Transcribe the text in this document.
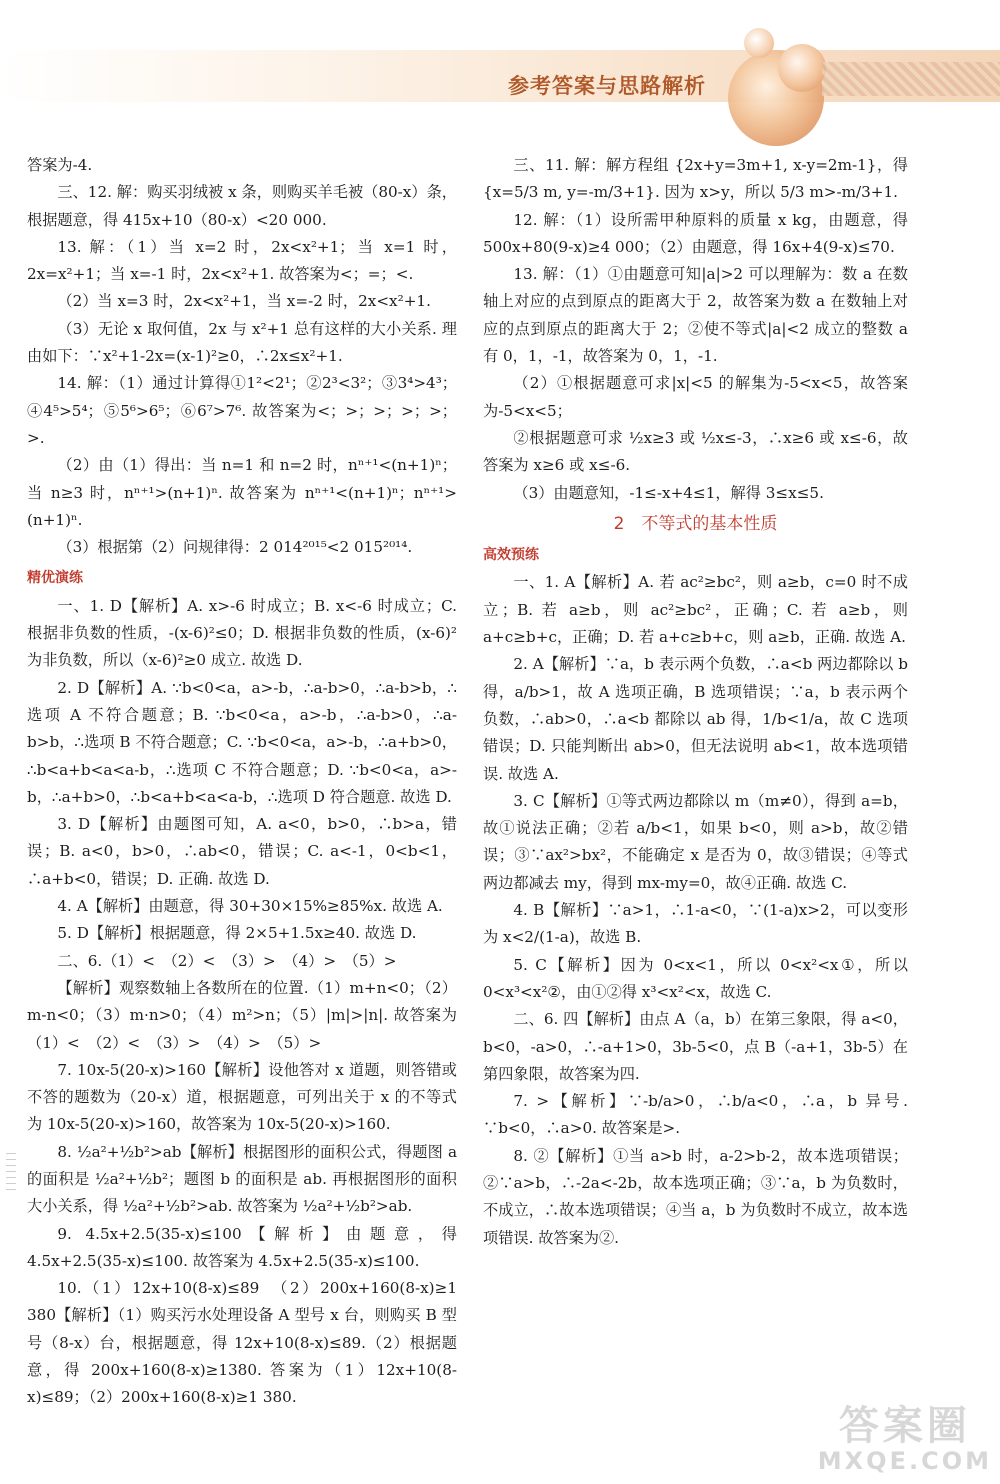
参考答案与思路解析

答案为-4.

三、12. 解：购买羽绒被 x 条，则购买羊毛被（80-x）条，根据题意，得 415x+10（80-x）<20 000.

13. 解：（1）当 x=2 时，2x<x²+1；当 x=1 时，2x=x²+1；当 x=-1 时，2x<x²+1. 故答案为<；=；<.

（2）当 x=3 时，2x<x²+1，当 x=-2 时，2x<x²+1.

（3）无论 x 取何值，2x 与 x²+1 总有这样的大小关系. 理由如下：∵x²+1-2x=(x-1)²≥0，∴2x≤x²+1.

14. 解：（1）通过计算得①1²<2¹；②2³<3²；③3⁴>4³；④4⁵>5⁴；⑤5⁶>6⁵；⑥6⁷>7⁶. 故答案为<；>；>；>；>；>.

（2）由（1）得出：当 n=1 和 n=2 时，nⁿ⁺¹<(n+1)ⁿ；当 n≥3 时，nⁿ⁺¹>(n+1)ⁿ. 故答案为 nⁿ⁺¹<(n+1)ⁿ；nⁿ⁺¹>(n+1)ⁿ.

（3）根据第（2）问规律得：2 014²⁰¹⁵<2 015²⁰¹⁴.

精优演练

一、1. D【解析】A. x>-6 时成立；B. x<-6 时成立；C. 根据非负数的性质，-(x-6)²≤0；D. 根据非负数的性质，(x-6)² 为非负数，所以（x-6)²≥0 成立. 故选 D.

2. D【解析】A. ∵b<0<a，a>-b，∴a-b>0，∴a-b>b，∴选项 A 不符合题意；B. ∵b<0<a，a>-b，∴a-b>0，∴a-b>b，∴选项 B 不符合题意；C. ∵b<0<a，a>-b，∴a+b>0，∴b<a+b<a<a-b，∴选项 C 不符合题意；D. ∵b<0<a，a>-b，∴a+b>0，∴b<a+b<a<a-b，∴选项 D 符合题意. 故选 D.

3. D【解析】由题图可知，A. a<0，b>0，∴b>a，错误；B. a<0，b>0，∴ab<0，错误；C. a<-1，0<b<1，∴a+b<0，错误；D. 正确. 故选 D.

4. A【解析】由题意，得 30+30×15%≥85%x. 故选 A.

5. D【解析】根据题意，得 2×5+1.5x≥40. 故选 D.

二、6.（1）<　（2）<　（3）>　（4）>　（5）>

【解析】观察数轴上各数所在的位置.（1）m+n<0；（2）m-n<0；（3）m·n>0；（4）m²>n；（5）|m|>|n|. 故答案为（1）<　（2）<　（3）>　（4）>　（5）>

7. 10x-5(20-x)>160【解析】设他答对 x 道题，则答错或不答的题数为（20-x）道，根据题意，可列出关于 x 的不等式为 10x-5(20-x)>160，故答案为 10x-5(20-x)>160.

8. ½a²+½b²>ab【解析】根据图形的面积公式，得题图 a 的面积是 ½a²+½b²；题图 b 的面积是 ab. 再根据图形的面积大小关系，得 ½a²+½b²>ab. 故答案为 ½a²+½b²>ab.

9. 4.5x+2.5(35-x)≤100【解析】由题意，得 4.5x+2.5(35-x)≤100. 故答案为 4.5x+2.5(35-x)≤100.

10.（1）12x+10(8-x)≤89　（2）200x+160(8-x)≥1 380【解析】（1）购买污水处理设备 A 型号 x 台，则购买 B 型号（8-x）台，根据题意，得 12x+10(8-x)≤89.（2）根据题意，得 200x+160(8-x)≥1380. 答案为（1）12x+10(8-x)≤89；（2）200x+160(8-x)≥1 380.

三、11. 解：解方程组 {2x+y=3m+1, x-y=2m-1}，得 {x=5/3 m, y=-m/3+1}. 因为 x>y，所以 5/3 m>-m/3+1.

12. 解：（1）设所需甲种原料的质量 x kg，由题意，得 500x+80(9-x)≥4 000；（2）由题意，得 16x+4(9-x)≤70.

13. 解：（1）①由题意可知|a|>2 可以理解为：数 a 在数轴上对应的点到原点的距离大于 2，故答案为数 a 在数轴上对应的点到原点的距离大于 2；②使不等式|a|<2 成立的整数 a 有 0，1，-1，故答案为 0，1，-1.

（2）①根据题意可求|x|<5 的解集为-5<x<5，故答案为-5<x<5；

②根据题意可求 ½x≥3 或 ½x≤-3，∴x≥6 或 x≤-6，故答案为 x≥6 或 x≤-6.

（3）由题意知，-1≤-x+4≤1，解得 3≤x≤5.

2　不等式的基本性质
高效预练

一、1. A【解析】A. 若 ac²≥bc²，则 a≥b，c=0 时不成立；B. 若 a≥b，则 ac²≥bc²，正确；C. 若 a≥b，则 a+c≥b+c，正确；D. 若 a+c≥b+c，则 a≥b，正确. 故选 A.

2. A【解析】∵a，b 表示两个负数，∴a<b 两边都除以 b 得，a/b>1，故 A 选项正确，B 选项错误；∵a，b 表示两个负数，∴ab>0，∴a<b 都除以 ab 得，1/b<1/a，故 C 选项错误；D. 只能判断出 ab>0，但无法说明 ab<1，故本选项错误. 故选 A.

3. C【解析】①等式两边都除以 m（m≠0），得到 a=b，故①说法正确；②若 a/b<1，如果 b<0，则 a>b，故②错误；③∵ax²>bx²，不能确定 x 是否为 0，故③错误；④等式两边都减去 my，得到 mx-my=0，故④正确. 故选 C.

4. B【解析】∵a>1，∴1-a<0，∵(1-a)x>2，可以变形为 x<2/(1-a)，故选 B.

5. C【解析】因为 0<x<1，所以 0<x²<x①，所以 0<x³<x²②，由①②得 x³<x²<x，故选 C.

二、6. 四【解析】由点 A（a，b）在第三象限，得 a<0，b<0，-a>0，∴-a+1>0，3b-5<0，点 B（-a+1，3b-5）在第四象限，故答案为四.

7. >【解析】∵-b/a>0，∴b/a<0，∴a，b 异号. ∵b<0，∴a>0. 故答案是>.

8. ②【解析】①当 a>b 时，a-2>b-2，故本选项错误；②∵a>b，∴-2a<-2b，故本选项正确；③∵a，b 为负数时，不成立，∴故本选项错误；④当 a，b 为负数时不成立，故本选项错误. 故答案为②.

答案圈
MXQE.COM
